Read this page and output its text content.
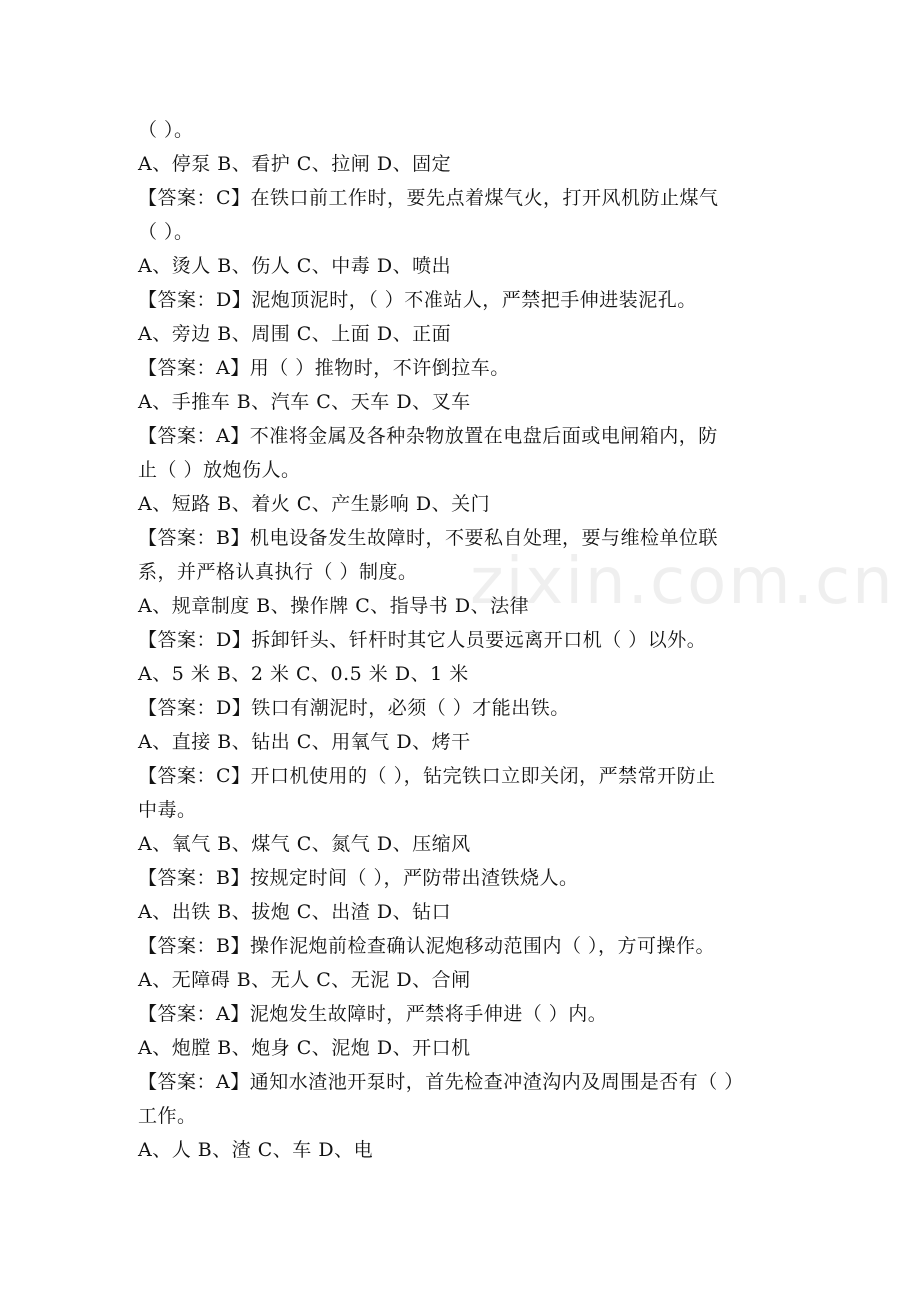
（ ）。
A、停泵 B、看护 C、拉闸 D、固定
【答案：C】在铁口前工作时，要先点着煤气火，打开风机防止煤气
（ ）。
A、烫人 B、伤人 C、中毒 D、喷出
【答案：D】泥炮顶泥时，（ ）不准站人，严禁把手伸进装泥孔。
A、旁边 B、周围 C、上面 D、正面
【答案：A】用（ ）推物时，不许倒拉车。
A、手推车 B、汽车 C、天车 D、叉车
【答案：A】不准将金属及各种杂物放置在电盘后面或电闸箱内，防
止（ ）放炮伤人。
A、短路 B、着火 C、产生影响 D、关门
【答案：B】机电设备发生故障时，不要私自处理，要与维检单位联
系，并严格认真执行（ ）制度。
A、规章制度 B、操作牌 C、指导书 D、法律
【答案：D】拆卸钎头、钎杆时其它人员要远离开口机（ ）以外。
A、5 米 B、2 米 C、0.5 米 D、1 米
【答案：D】铁口有潮泥时，必须（ ）才能出铁。
A、直接 B、钻出 C、用氧气 D、烤干
【答案：C】开口机使用的（ ），钻完铁口立即关闭，严禁常开防止
中毒。
A、氧气 B、煤气 C、氮气 D、压缩风
【答案：B】按规定时间（ ），严防带出渣铁烧人。
A、出铁 B、拔炮 C、出渣 D、钻口
【答案：B】操作泥炮前检查确认泥炮移动范围内（ ），方可操作。
A、无障碍 B、无人 C、无泥 D、合闸
【答案：A】泥炮发生故障时，严禁将手伸进（ ）内。
A、炮膛 B、炮身 C、泥炮 D、开口机
【答案：A】通知水渣池开泵时，首先检查冲渣沟内及周围是否有（ ）
工作。
A、人 B、渣 C、车 D、电
zixin.com.cn
